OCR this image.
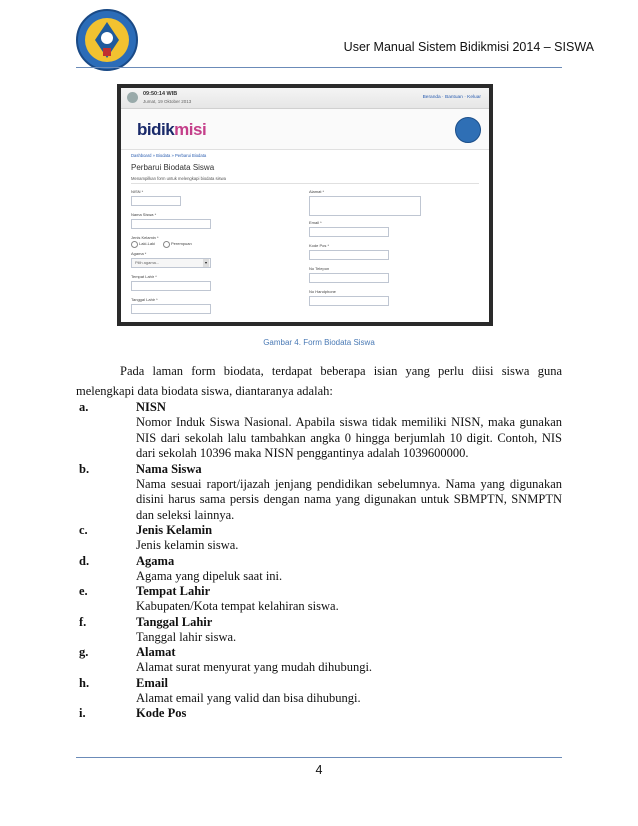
User Manual Sistem Bidikmisi 2014 – SISWA
09:50:14 WIB
Jumat, 19 Oktober 2013
Beranda · Bantuan · Keluar
bidikmisi
Dashboard » Biodata » Perbarui Biodata
Perbarui Biodata Siswa
Menampilkan form untuk melengkapi biodata siswa
NISN *
Nama Siswa *
Jenis Kelamin *
Laki-Laki	Perempuan
Agama *
Pilih agama...	▾
Tempat Lahir *
Tanggal Lahir *
Alamat *
Email *
Kode Pos *
No Telepon
No Handphone
Gambar 4. Form Biodata Siswa
Pada laman form biodata, terdapat beberapa isian yang perlu diisi siswa guna melengkapi data biodata siswa, diantaranya adalah:
a.	NISN
Nomor Induk Siswa Nasional. Apabila siswa tidak memiliki NISN, maka gunakan NIS dari sekolah lalu tambahkan angka 0 hingga berjumlah 10 digit. Contoh, NIS dari sekolah 10396 maka NISN penggantinya adalah 1039600000.
b.	Nama Siswa
Nama sesuai raport/ijazah jenjang pendidikan sebelumnya. Nama yang digunakan disini harus sama persis dengan nama yang digunakan untuk SBMPTN, SNMPTN dan seleksi lainnya.
c.	Jenis Kelamin
Jenis kelamin siswa.
d.	Agama
Agama yang dipeluk saat ini.
e.	Tempat Lahir
Kabupaten/Kota tempat kelahiran siswa.
f.	Tanggal Lahir
Tanggal lahir siswa.
g.	Alamat
Alamat surat menyurat yang mudah dihubungi.
h.	Email
Alamat email yang valid dan bisa dihubungi.
i.	Kode Pos
4
